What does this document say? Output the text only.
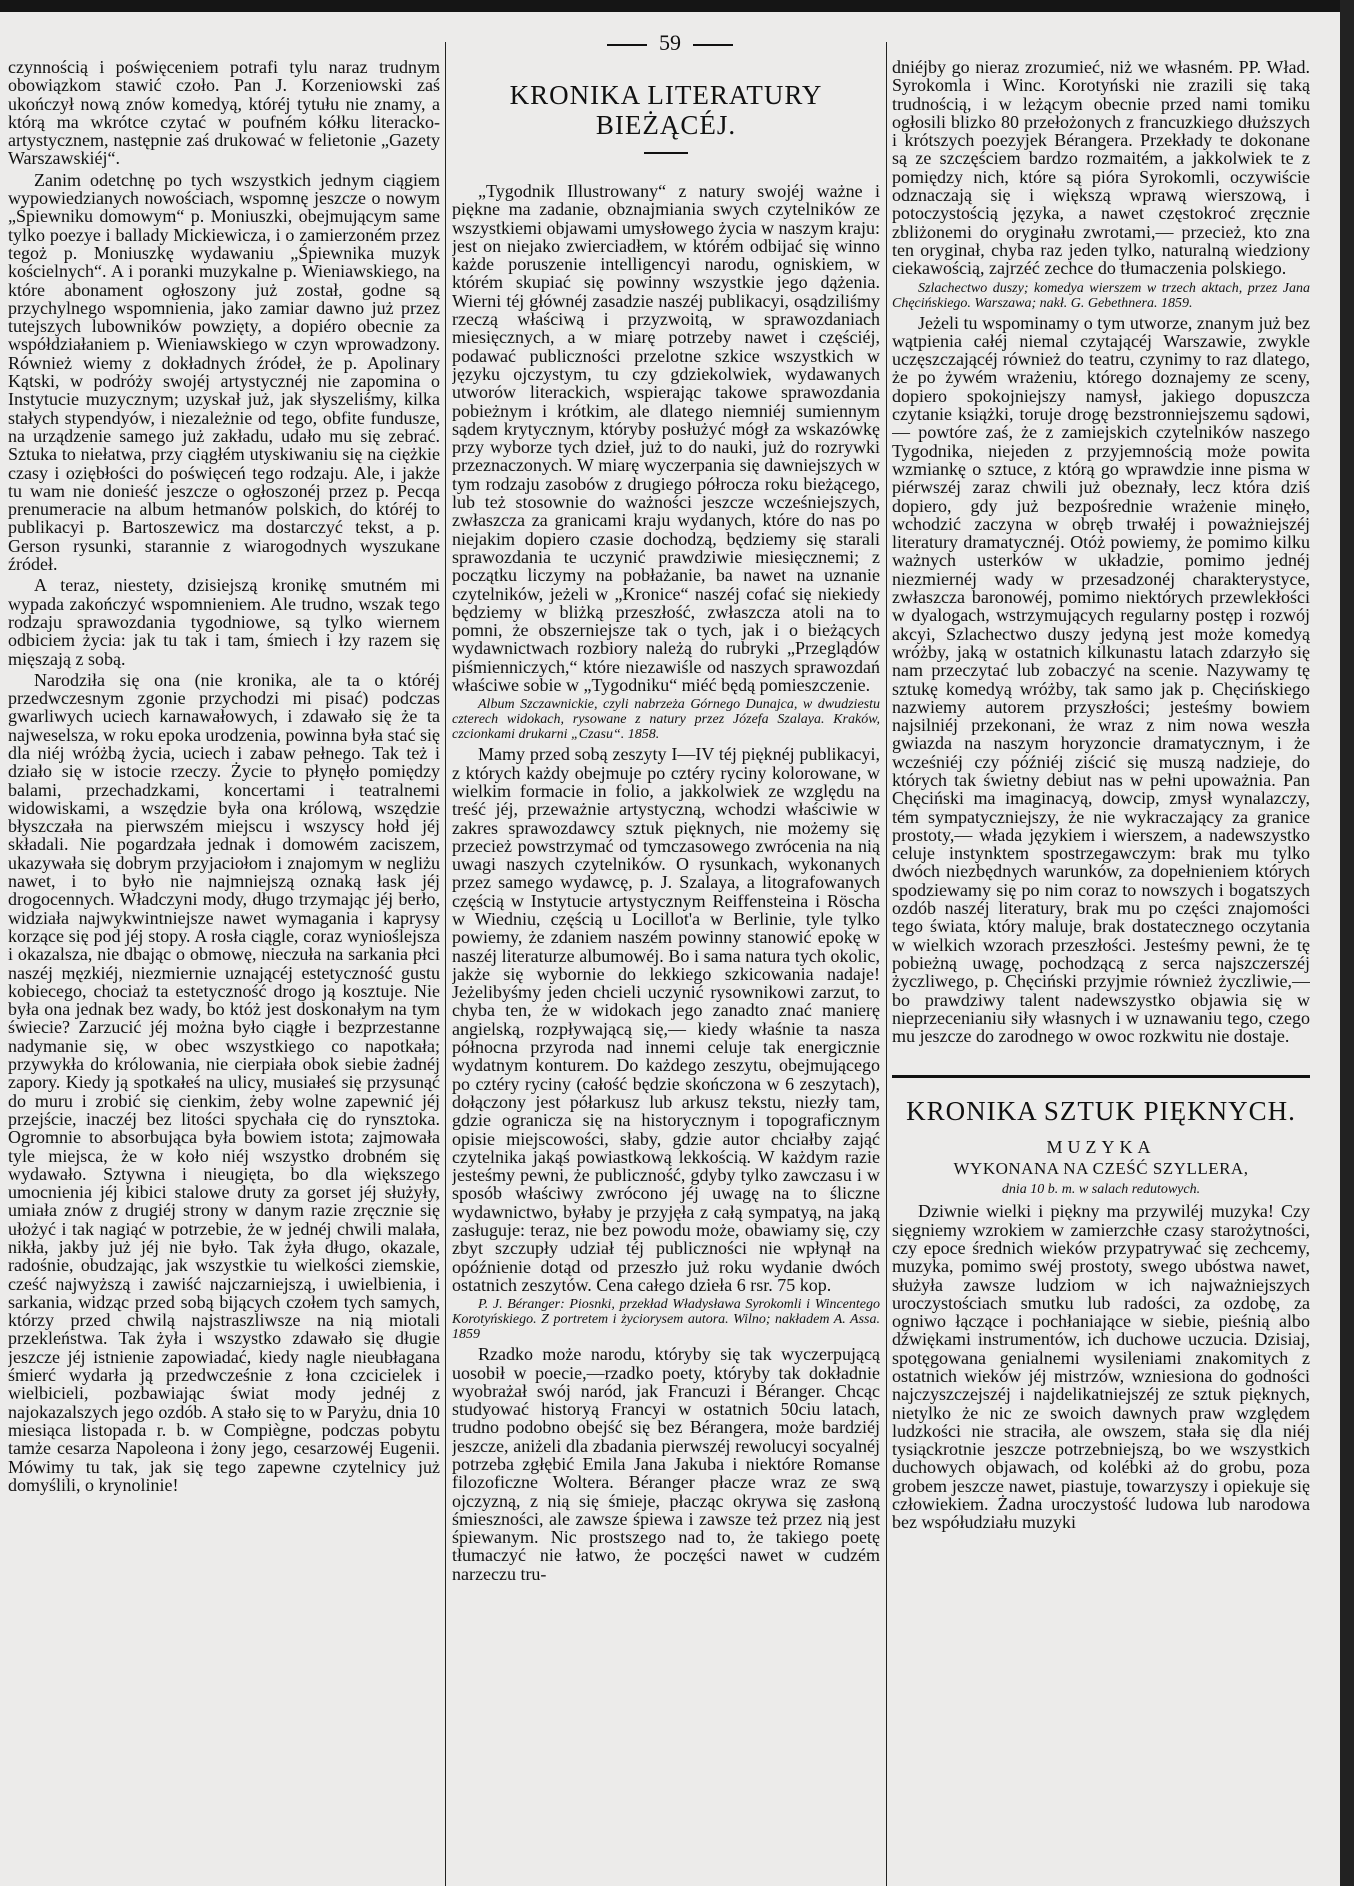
59

czynnością i poświęceniem potrafi tylu naraz trudnym obowiązkom stawić czoło. Pan J. Korzeniowski zaś ukończył nową znów komedyą, któréj tytułu nie znamy, a którą ma wkrótce czytać w poufném kółku literacko-artystycznem, następnie zaś drukować w felietonie „Gazety Warszawskiéj“.

Zanim odetchnę po tych wszystkich jednym ciągiem wypowiedzianych nowościach, wspomnę jeszcze o nowym „Śpiewniku domowym“ p. Moniuszki, obejmującym same tylko poezye i ballady Mickiewicza, i o zamierzoném przez tegoż p. Moniuszkę wydawaniu „Śpiewnika muzyk kościelnych“. A i poranki muzykalne p. Wieniawskiego, na które abonament ogłoszony już został, godne są przychylnego wspomnienia, jako zamiar dawno już przez tutejszych lubowników powzięty, a dopiéro obecnie za współdziałaniem p. Wieniawskiego w czyn wprowadzony. Również wiemy z dokładnych źródeł, że p. Apolinary Kątski, w podróży swojéj artystycznéj nie zapomina o Instytucie muzycznym; uzyskał już, jak słyszeliśmy, kilka stałych stypendyów, i niezależnie od tego, obfite fundusze, na urządzenie samego już zakładu, udało mu się zebrać. Sztuka to niełatwa, przy ciągłém utyskiwaniu się na ciężkie czasy i oziębłości do poświęceń tego rodzaju. Ale, i jakże tu wam nie donieść jeszcze o ogłoszonéj przez p. Pecqa prenumeracie na album hetmanów polskich, do któréj to publikacyi p. Bartoszewicz ma dostarczyć tekst, a p. Gerson rysunki, starannie z wiarogodnych wyszukane źródeł.

A teraz, niestety, dzisiejszą kronikę smutném mi wypada zakończyć wspomnieniem. Ale trudno, wszak tego rodzaju sprawozdania tygodniowe, są tylko wiernem odbiciem życia: jak tu tak i tam, śmiech i łzy razem się mięszają z sobą.

Narodziła się ona (nie kronika, ale ta o któréj przedwczesnym zgonie przychodzi mi pisać) podczas gwarliwych uciech karnawałowych, i zdawało się że ta najweselsza, w roku epoka urodzenia, powinna była stać się dla niéj wróżbą życia, uciech i zabaw pełnego. Tak też i działo się w istocie rzeczy. Życie to płynęło pomiędzy balami, przechadzkami, koncertami i teatralnemi widowiskami, a wszędzie była ona królową, wszędzie błyszczała na pierwszém miejscu i wszyscy hołd jéj składali. Nie pogardzała jednak i domowém zaciszem, ukazywała się dobrym przyjaciołom i znajomym w negliżu nawet, i to było nie najmniejszą oznaką łask jéj drogocennych. Władczyni mody, długo trzymając jéj berło, widziała najwykwintniejsze nawet wymagania i kaprysy korzące się pod jéj stopy. A rosła ciągle, coraz wynioślejsza i okazalsza, nie dbając o obmowę, nieczuła na sarkania płci naszéj męzkiéj, niezmiernie uznającéj estetyczność gustu kobiecego, chociaż ta estetyczność drogo ją kosztuje. Nie była ona jednak bez wady, bo któż jest doskonałym na tym świecie? Zarzucić jéj można było ciągłe i bezprzestanne nadymanie się, w obec wszystkiego co napotkała; przywykła do królowania, nie cierpiała obok siebie żadnéj zapory. Kiedy ją spotkałeś na ulicy, musiałeś się przysunąć do muru i zrobić się cienkim, żeby wolne zapewnić jéj przejście, inaczéj bez litości spychała cię do rynsztoka. Ogromnie to absorbująca była bowiem istota; zajmowała tyle miejsca, że w koło niéj wszystko drobném się wydawało. Sztywna i nieugięta, bo dla większego umocnienia jéj kibici stalowe druty za gorset jéj służyły, umiała znów z drugiéj strony w danym razie zręcznie się ułożyć i tak nagiąć w potrzebie, że w jednéj chwili malała, nikła, jakby już jéj nie było. Tak żyła długo, okazale, radośnie, obudzając, jak wszystkie tu wielkości ziemskie, cześć najwyższą i zawiść najczarniejszą, i uwielbienia, i sarkania, widząc przed sobą bijących czołem tych samych, którzy przed chwilą najstraszliwsze na nią miotali przekleństwa. Tak żyła i wszystko zdawało się długie jeszcze jéj istnienie zapowiadać, kiedy nagle nieubłagana śmierć wydarła ją przedwcześnie z łona czcicielek i wielbicieli, pozbawiając świat mody jednéj z najokazalszych jego ozdób. A stało się to w Paryżu, dnia 10 miesiąca listopada r. b. w Compiègne, podczas pobytu tamże cesarza Napoleona i żony jego, cesarzowéj Eugenii. Mówimy tu tak, jak się tego zapewne czytelnicy już domyślili, o krynolinie!

KRONIKA LITERATURY BIEŻĄCÉJ.

„Tygodnik Illustrowany“ z natury swojéj ważne i piękne ma zadanie, obznajmiania swych czytelników ze wszystkiemi objawami umysłowego życia w naszym kraju: jest on niejako zwierciadłem, w którém odbijać się winno każde poruszenie intelligencyi narodu, ogniskiem, w którém skupiać się powinny wszystkie jego dążenia. Wierni téj głównéj zasadzie naszéj publikacyi, osądziliśmy rzeczą właściwą i przyzwoitą, w sprawozdaniach miesięcznych, a w miarę potrzeby nawet i częściéj, podawać publiczności przelotne szkice wszystkich w języku ojczystym, tu czy gdziekolwiek, wydawanych utworów literackich, wspierając takowe sprawozdania pobieżnym i krótkim, ale dlatego niemniéj sumiennym sądem krytycznym, któryby posłużyć mógł za wskazówkę przy wyborze tych dzieł, już to do nauki, już do rozrywki przeznaczonych. W miarę wyczerpania się dawniejszych w tym rodzaju zasobów z drugiego półrocza roku bieżącego, lub też stosownie do ważności jeszcze wcześniejszych, zwłaszcza za granicami kraju wydanych, które do nas po niejakim dopiero czasie dochodzą, będziemy się starali sprawozdania te uczynić prawdziwie miesięcznemi; z początku liczymy na pobłażanie, ba nawet na uznanie czytelników, jeżeli w „Kronice“ naszéj cofać się niekiedy będziemy w bliżką przeszłość, zwłaszcza atoli na to pomni, że obszerniejsze tak o tych, jak i o bieżących wydawnictwach rozbiory należą do rubryki „Przeglądów piśmienniczych,“ które niezawiśle od naszych sprawozdań właściwe sobie w „Tygodniku“ miéć będą pomieszczenie.

Album Szczawnickie, czyli nabrzeża Górnego Dunajca, w dwudziestu czterech widokach, rysowane z natury przez Józefa Szalaya. Kraków, czcionkami drukarni „Czasu“. 1858.

Mamy przed sobą zeszyty I—IV téj pięknéj publikacyi, z których każdy obejmuje po cztéry ryciny kolorowane, w wielkim formacie in folio, a jakkolwiek ze względu na treść jéj, przeważnie artystyczną, wchodzi właściwie w zakres sprawozdawcy sztuk pięknych, nie możemy się przecież powstrzymać od tymczasowego zwrócenia na nią uwagi naszych czytelników. O rysunkach, wykonanych przez samego wydawcę, p. J. Szalaya, a litografowanych częścią w Instytucie artystycznym Reiffensteina i Röscha w Wiedniu, częścią u Locillot'a w Berlinie, tyle tylko powiemy, że zdaniem naszém powinny stanowić epokę w naszéj literaturze albumowéj. Bo i sama natura tych okolic, jakże się wybornie do lekkiego szkicowania nadaje! Jeżelibyśmy jeden chcieli uczynić rysownikowi zarzut, to chyba ten, że w widokach jego zanadto znać manierę angielską, rozpływającą się,— kiedy właśnie ta nasza północna przyroda nad innemi celuje tak energicznie wydatnym konturem. Do każdego zeszytu, obejmującego po cztéry ryciny (całość będzie skończona w 6 zeszytach), dołączony jest półarkusz lub arkusz tekstu, niezły tam, gdzie ogranicza się na historycznym i topograficznym opisie miejscowości, słaby, gdzie autor chciałby zająć czytelnika jakąś powiastkową lekkością. W każdym razie jesteśmy pewni, że publiczność, gdyby tylko zawczasu i w sposób właściwy zwrócono jéj uwagę na to śliczne wydawnictwo, byłaby je przyjęła z całą sympatyą, na jaką zasługuje: teraz, nie bez powodu może, obawiamy się, czy zbyt szczupły udział téj publiczności nie wpłynął na opóźnienie dotąd od przeszło już roku wydanie dwóch ostatnich zeszytów. Cena całego dzieła 6 rsr. 75 kop.

P. J. Béranger: Piosnki, przekład Władysława Syrokomli i Wincentego Korotyńskiego. Z portretem i życiorysem autora. Wilno; nakładem A. Assa. 1859

Rzadko może narodu, któryby się tak wyczerpującą uosobił w poecie,—rzadko poety, któryby tak dokładnie wyobrażał swój naród, jak Francuzi i Béranger. Chcąc studyować historyą Francyi w ostatnich 50ciu latach, trudno podobno obejść się bez Bérangera, może bardziéj jeszcze, aniżeli dla zbadania pierwszéj rewolucyi socyalnéj potrzeba zgłębić Emila Jana Jakuba i niektóre Romanse filozoficzne Woltera. Béranger płacze wraz ze swą ojczyzną, z nią się śmieje, płacząc okrywa się zasłoną śmieszności, ale zawsze śpiewa i zawsze też przez nią jest śpiewanym. Nic prostszego nad to, że takiego poetę tłumaczyć nie łatwo, że poczęści nawet w cudzém narzeczu tru-

dniéjby go nieraz zrozumieć, niż we własném. PP. Wład. Syrokomla i Winc. Korotyński nie zrazili się taką trudnością, i w leżącym obecnie przed nami tomiku ogłosili blizko 80 przełożonych z francuzkiego dłuższych i krótszych poezyjek Bérangera. Przekłady te dokonane są ze szczęściem bardzo rozmaitém, a jakkolwiek te z pomiędzy nich, które są pióra Syrokomli, oczywiście odznaczają się i większą wprawą wierszową, i potoczystością języka, a nawet częstokroć zręcznie zbliżonemi do oryginału zwrotami,— przecież, kto zna ten oryginał, chyba raz jeden tylko, naturalną wiedziony ciekawością, zajrzéć zechce do tłumaczenia polskiego.

Szlachectwo duszy; komedya wierszem w trzech aktach, przez Jana Chęcińskiego. Warszawa; nakł. G. Gebethnera. 1859.

Jeżeli tu wspominamy o tym utworze, znanym już bez wątpienia całéj niemal czytającéj Warszawie, zwykle uczęszczającéj również do teatru, czynimy to raz dlatego, że po żywém wrażeniu, którego doznajemy ze sceny, dopiero spokojniejszy namysł, jakiego dopuszcza czytanie książki, toruje drogę bezstronniejszemu sądowi,— powtóre zaś, że z zamiejskich czytelników naszego Tygodnika, niejeden z przyjemnością może powita wzmiankę o sztuce, z którą go wprawdzie inne pisma w piérwszéj zaraz chwili już obeznały, lecz która dziś dopiero, gdy już bezpośrednie wrażenie minęło, wchodzić zaczyna w obręb trwałéj i poważniejszéj literatury dramatycznéj. Otóż powiemy, że pomimo kilku ważnych usterków w układzie, pomimo jednéj niezmiernéj wady w przesadzonéj charakterystyce, zwłaszcza baronowéj, pomimo niektórych przewlekłości w dyalogach, wstrzymujących regularny postęp i rozwój akcyi, Szlachectwo duszy jedyną jest może komedyą wróżby, jaką w ostatnich kilkunastu latach zdarzyło się nam przeczytać lub zobaczyć na scenie. Nazywamy tę sztukę komedyą wróżby, tak samo jak p. Chęcińskiego nazwiemy autorem przyszłości; jesteśmy bowiem najsilniéj przekonani, że wraz z nim nowa weszła gwiazda na naszym horyzoncie dramatycznym, i że wcześniéj czy późniéj ziścić się muszą nadzieje, do których tak świetny debiut nas w pełni upoważnia. Pan Chęciński ma imaginacyą, dowcip, zmysł wynalazczy, tém sympatyczniejszy, że nie wykraczający za granice prostoty,— włada językiem i wierszem, a nadewszystko celuje instynktem spostrzegawczym: brak mu tylko dwóch niezbędnych warunków, za dopełnieniem których spodziewamy się po nim coraz to nowszych i bogatszych ozdób naszéj literatury, brak mu po części znajomości tego świata, który maluje, brak dostatecznego oczytania w wielkich wzorach przeszłości. Jesteśmy pewni, że tę pobieżną uwagę, pochodzącą z serca najszczerszéj życzliwego, p. Chęciński przyjmie również życzliwie,— bo prawdziwy talent nadewszystko objawia się w nieprzecenianiu siły własnych i w uznawaniu tego, czego mu jeszcze do zarodnego w owoc rozkwitu nie dostaje.

KRONIKA SZTUK PIĘKNYCH.

MUZYKA

WYKONANA NA CZEŚĆ SZYLLERA,

dnia 10 b. m. w salach redutowych.

Dziwnie wielki i piękny ma przywiléj muzyka! Czy sięgniemy wzrokiem w zamierzchłe czasy starożytności, czy epoce średnich wieków przypatrywać się zechcemy, muzyka, pomimo swéj prostoty, swego ubóstwa nawet, służyła zawsze ludziom w ich najważniejszych uroczystościach smutku lub radości, za ozdobę, za ogniwo łączące i pochłaniające w siebie, pieśnią albo dźwiękami instrumentów, ich duchowe uczucia. Dzisiaj, spotęgowana genialnemi wysileniami znakomitych z ostatnich wieków jéj mistrzów, wzniesiona do godności najczyszczejszéj i najdelikatniejszéj ze sztuk pięknych, nietylko że nic ze swoich dawnych praw względem ludzkości nie straciła, ale owszem, stała się dla niéj tysiąckrotnie jeszcze potrzebniejszą, bo we wszystkich duchowych objawach, od kolébki aż do grobu, poza grobem jeszcze nawet, piastuje, towarzyszy i opiekuje się człowiekiem. Żadna uroczystość ludowa lub narodowa bez współudziału muzyki
